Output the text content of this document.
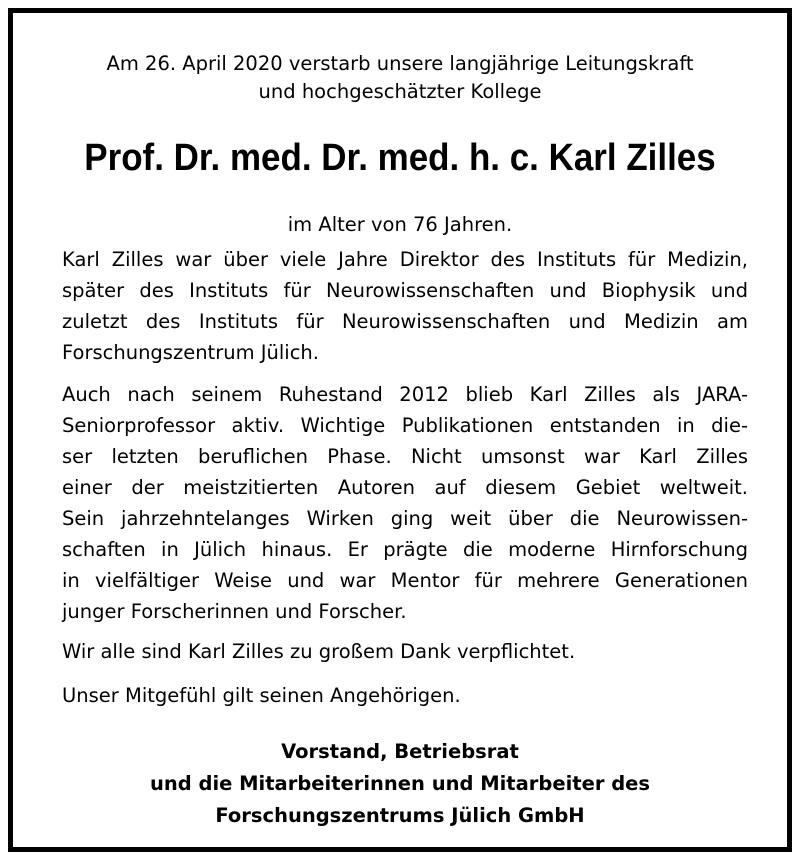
Am 26. April 2020 verstarb unsere langjährige Leitungskraft
und hochgeschätzter Kollege
Prof. Dr. med. Dr. med. h. c. Karl Zilles
im Alter von 76 Jahren.
Karl Zilles war über viele Jahre Direktor des Instituts für Medizin,
später des Instituts für Neurowissenschaften und Biophysik und
zuletzt des Instituts für Neurowissenschaften und Medizin am
Forschungszentrum Jülich.
Auch nach seinem Ruhestand 2012 blieb Karl Zilles als JARA-
Seniorprofessor aktiv. Wichtige Publikationen entstanden in die-
ser letzten beruflichen Phase. Nicht umsonst war Karl Zilles
einer der meistzitierten Autoren auf diesem Gebiet weltweit.
Sein jahrzehntelanges Wirken ging weit über die Neurowissen-
schaften in Jülich hinaus. Er prägte die moderne Hirnforschung
in vielfältiger Weise und war Mentor für mehrere Generationen
junger Forscherinnen und Forscher.
Wir alle sind Karl Zilles zu großem Dank verpflichtet.
Unser Mitgefühl gilt seinen Angehörigen.
Vorstand, Betriebsrat
und die Mitarbeiterinnen und Mitarbeiter des
Forschungszentrums Jülich GmbH
